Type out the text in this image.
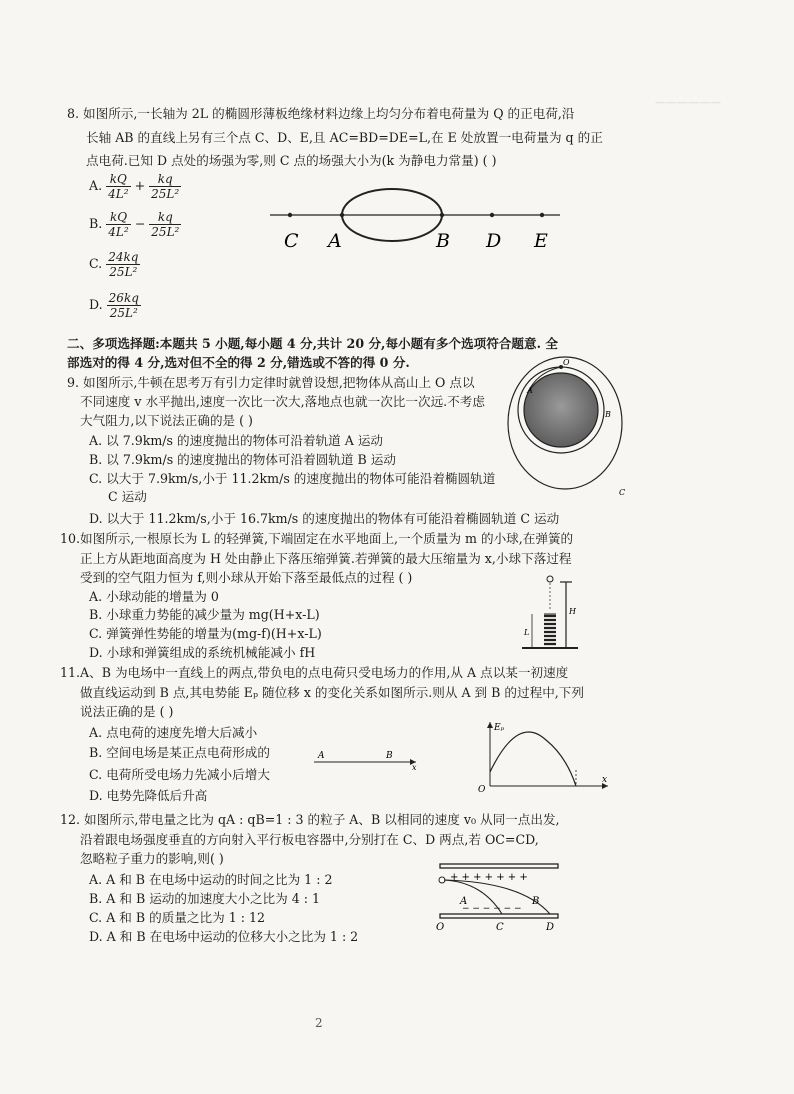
——————
8. 如图所示,一长轴为 2L 的椭圆形薄板绝缘材料边缘上均匀分布着电荷量为 Q 的正电荷,沿
长轴 AB 的直线上另有三个点 C、D、E,且 AC=BD=DE=L,在 E 处放置一电荷量为 q 的正
点电荷.已知 D 点处的场强为零,则 C 点的场强大小为(k 为静电力常量) ( )
A. $\frac{kQ}{\text{4L²}} + \frac{kq}{\text{25L²}}$
B. $\frac{kQ}{\text{4L²}} - \frac{kq}{\text{25L²}}$
C. $\frac{24kq}{\text{25L²}}$
D. $\frac{26kq}{\text{25L²}}$
C A	B D E
二、多项选择题:本题共 5 小题,每小题 4 分,共计 20 分,每小题有多个选项符合题意. 全
部选对的得 4 分,选对但不全的得 2 分,错选或不答的得 0 分.
9. 如图所示,牛顿在思考万有引力定律时就曾设想,把物体从高山上 O 点以
不同速度 v 水平抛出,速度一次比一次大,落地点也就一次比一次远.不考虑
大气阻力,以下说法正确的是 ( )
A. 以 7.9km/s 的速度抛出的物体可沿着轨道 A 运动
B. 以 7.9km/s 的速度抛出的物体可沿着圆轨道 B 运动
C. 以大于 7.9km/s,小于 11.2km/s 的速度抛出的物体可能沿着椭圆轨道
C 运动
D. 以大于 11.2km/s,小于 16.7km/s 的速度抛出的物体有可能沿着椭圆轨道 C 运动
O
A
B
C
10.如图所示,一根原长为 L 的轻弹簧,下端固定在水平地面上,一个质量为 m 的小球,在弹簧的
正上方从距地面高度为 H 处由静止下落压缩弹簧.若弹簧的最大压缩量为 x,小球下落过程
受到的空气阻力恒为 f,则小球从开始下落至最低点的过程 ( )
A. 小球动能的增量为 0
B. 小球重力势能的减少量为 mg(H+x-L)
C. 弹簧弹性势能的增量为(mg-f)(H+x-L)
D. 小球和弹簧组成的系统机械能减小 fH
H
L
11.A、B 为电场中一直线上的两点,带负电的点电荷只受电场力的作用,从 A 点以某一初速度
做直线运动到 B 点,其电势能 Eₚ 随位移 x 的变化关系如图所示.则从 A 到 B 的过程中,下列
说法正确的是 ( )
A. 点电荷的速度先增大后减小
B. 空间电场是某正点电荷形成的
C. 电荷所受电场力先减小后增大
D. 电势先降低后升高
A	B
x
Eₚ
O
x
12. 如图所示,带电量之比为 qA : qB=1 : 3 的粒子 A、B 以相同的速度 v₀ 从同一点出发,
沿着跟电场强度垂直的方向射入平行板电容器中,分别打在 C、D 两点,若 OC=CD,
忽略粒子重力的影响,则( )
A. A 和 B 在电场中运动的时间之比为 1 : 2
B. A 和 B 运动的加速度大小之比为 4 : 1
C. A 和 B 的质量之比为 1 : 12
D. A 和 B 在电场中运动的位移大小之比为 1 : 2
+ + + + + + +
− − − − − −
A	B
O	C	D
2
